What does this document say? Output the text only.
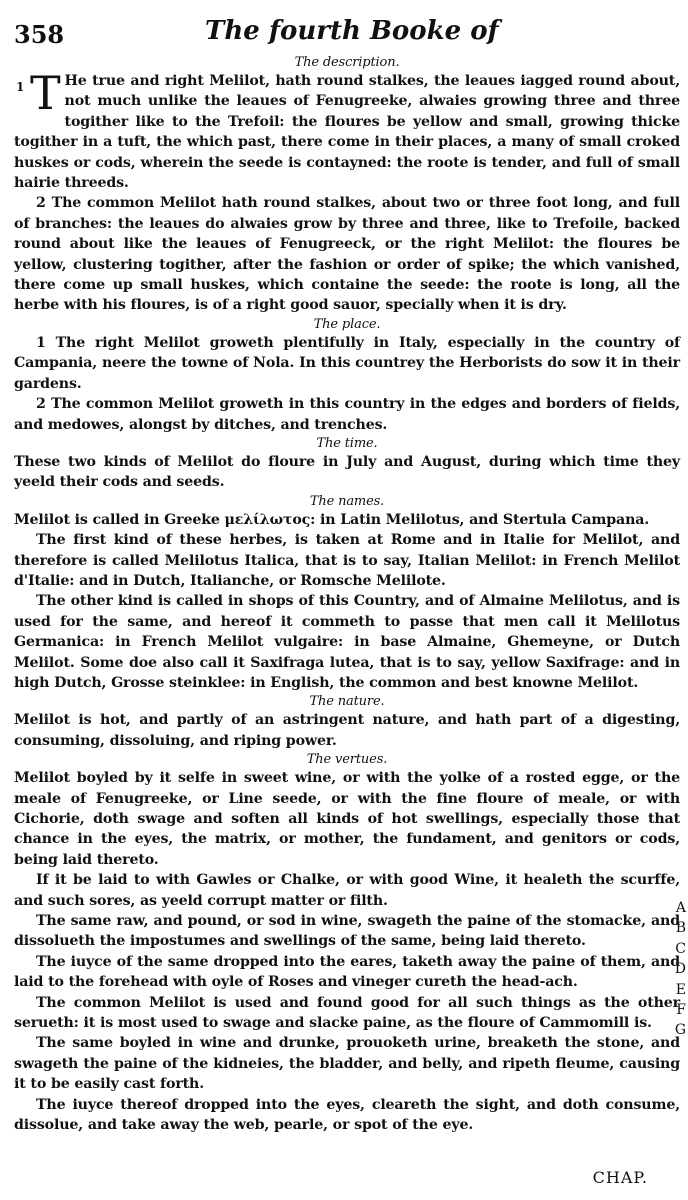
358	The fourth Booke of

The description.

1 T He true and right Melilot, hath round stalkes, the leaues iagged round about, not much unlike the leaues of Fenugreeke, alwaies growing three and three togither like to the Trefoil: the floures be yellow and small, growing thicke togither in a tuft, the which past, there come in their places, a many of small croked huskes or cods, wherein the seede is contayned: the roote is tender, and full of small hairie threeds.

2 The common Melilot hath round stalkes, about two or three foot long, and full of branches: the leaues do alwaies grow by three and three, like to Trefoile, backed round about like the leaues of Fenugreeck, or the right Melilot: the floures be yellow, clustering togither, after the fashion or order of spike; the which vanished, there come up small huskes, which containe the seede: the roote is long, all the herbe with his floures, is of a right good sauor, specially when it is dry.

The place.

1 The right Melilot groweth plentifully in Italy, especially in the country of Campania, neere the towne of Nola. In this countrey the Herborists do sow it in their gardens.

2 The common Melilot groweth in this country in the edges and borders of fields, and medowes, alongst by ditches, and trenches.

The time.

These two kinds of Melilot do floure in July and August, during which time they yeeld their cods and seeds.

The names.

Melilot is called in Greeke μελίλωτος: in Latin Melilotus, and Stertula Campana.

The first kind of these herbes, is taken at Rome and in Italie for Melilot, and therefore is called Melilotus Italica, that is to say, Italian Melilot: in French Melilot d'Italie: and in Dutch, Italianche, or Romsche Melilote.

The other kind is called in shops of this Country, and of Almaine Melilotus, and is used for the same, and hereof it commeth to passe that men call it Melilotus Germanica: in French Melilot vulgaire: in base Almaine, Ghemeyne, or Dutch Melilot. Some doe also call it Saxifraga lutea, that is to say, yellow Saxifrage: and in high Dutch, Grosse steinklee: in English, the common and best knowne Melilot.

The nature.

Melilot is hot, and partly of an astringent nature, and hath part of a digesting, consuming, dissoluing, and riping power.

The vertues.

Melilot boyled by it selfe in sweet wine, or with the yolke of a rosted egge, or the meale of Fenugreeke, or Line seede, or with the fine floure of meale, or with Cichorie, doth swage and soften all kinds of hot swellings, especially those that chance in the eyes, the matrix, or mother, the fundament, and genitors or cods, being laid thereto.

If it be laid to with Gawles or Chalke, or with good Wine, it healeth the scurffe, and such sores, as yeeld corrupt matter or filth.

The same raw, and pound, or sod in wine, swageth the paine of the stomacke, and dissolueth the impostumes and swellings of the same, being laid thereto.

The iuyce of the same dropped into the eares, taketh away the paine of them, and laid to the forehead with oyle of Roses and vineger cureth the head-ach.

The common Melilot is used and found good for all such things as the other serueth: it is most used to swage and slacke paine, as the floure of Cammomill is.

The same boyled in wine and drunke, prouoketh urine, breaketh the stone, and swageth the paine of the kidneies, the bladder, and belly, and ripeth fleume, causing it to be easily cast forth.

The iuyce thereof dropped into the eyes, cleareth the sight, and doth consume, dissolue, and take away the web, pearle, or spot of the eye.

A
B
C
D
E
F
G
CHAP.
